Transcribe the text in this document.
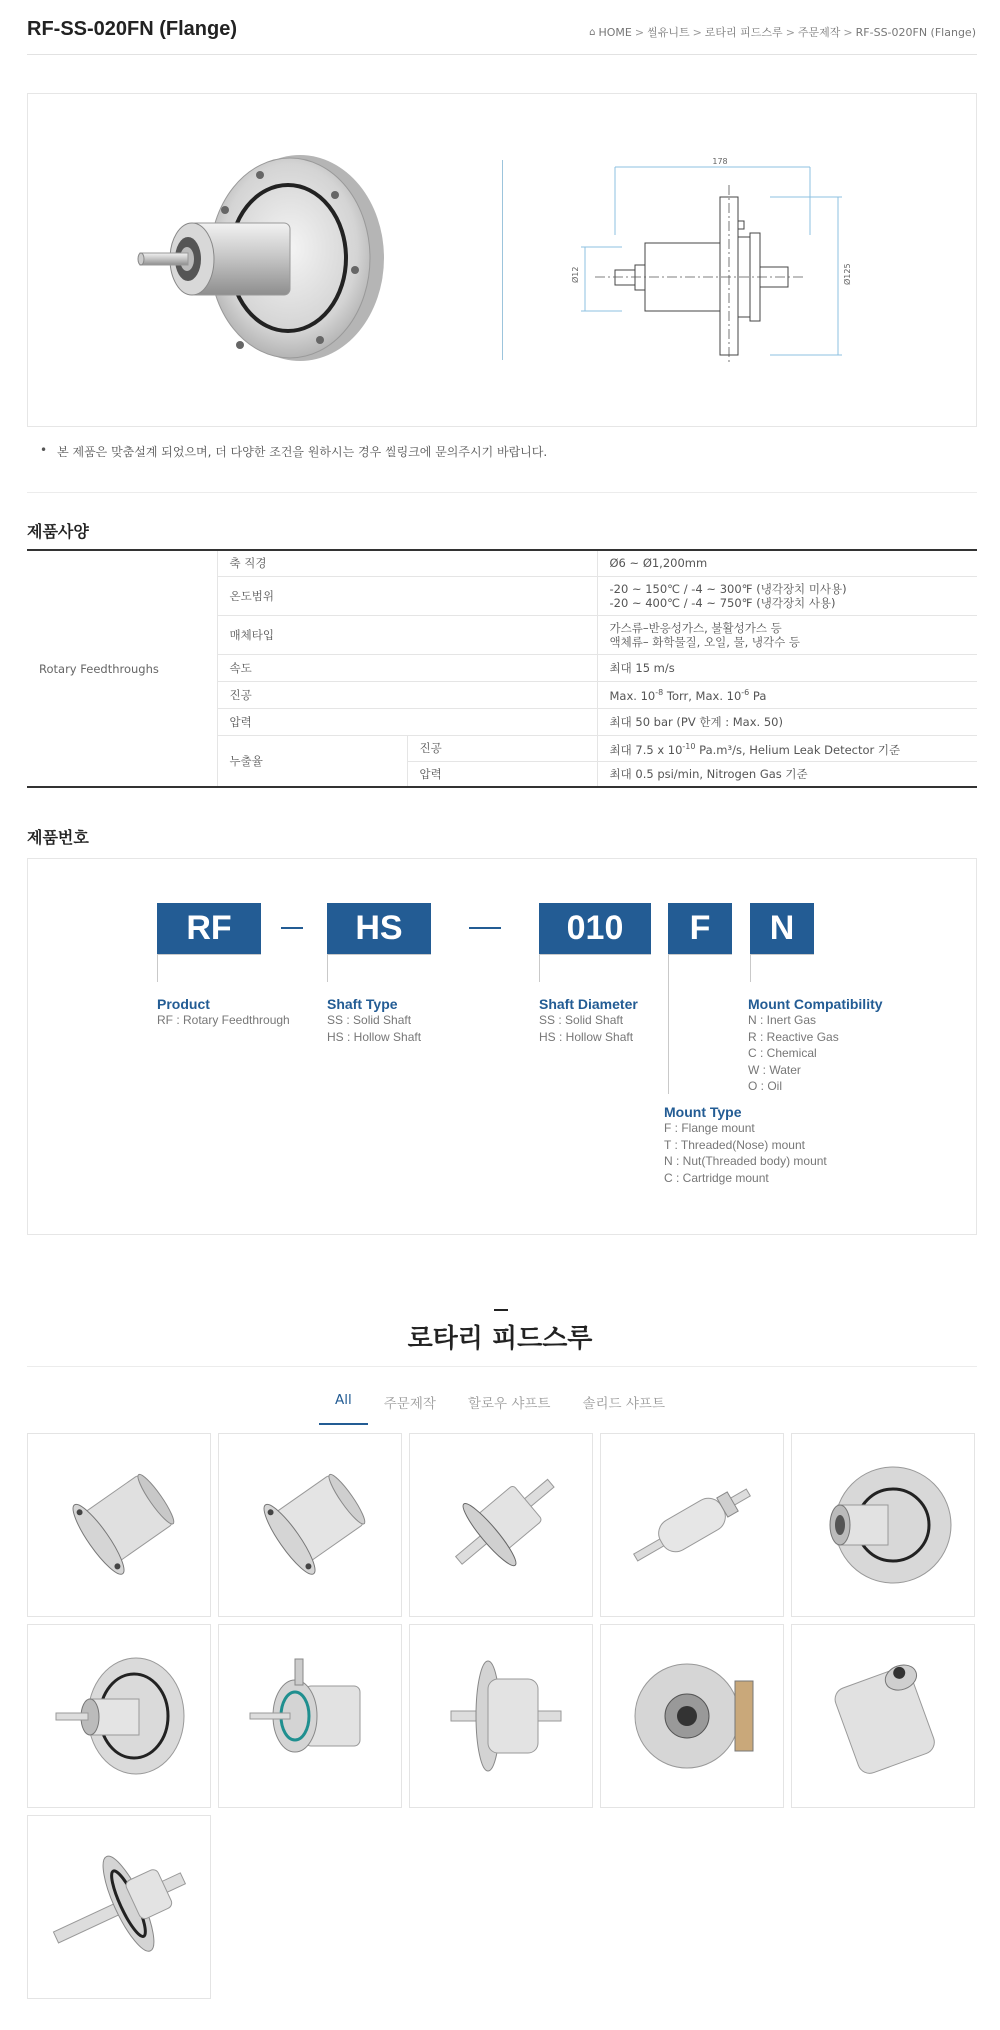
RF-SS-020FN (Flange)	⌂ HOME > 씰유니트 > 로타리 피드스루 > 주문제작 > RF-SS-020FN (Flange)
178
Ø12	Ø125
• 본 제품은 맞춤설계 되었으며, 더 다양한 조건을 원하시는 경우 씰링크에 문의주시기 바랍니다.
제품사양
Rotary Feedthroughs	축 직경		Ø6 ~ Ø1,200mm
	온도범위		-20 ~ 150℃ / -4 ~ 300℉ (냉각장치 미사용)
-20 ~ 400℃ / -4 ~ 750℉ (냉각장치 사용)

	매체타입		가스류–반응성가스, 불활성가스 등
액체류– 화학물질, 오일, 물, 냉각수 등

	속도		최대 15 m/s
	진공		Max. $10^{-8}$ Torr, Max. $10^{-6}$ Pa
	압력		최대 50 bar (PV 한계 : Max. 50)
	누출율	진공	최대 7.5 x $10^{-10}$ Pa.m³/s, Helium Leak Detector 기준
		압력	최대 0.5 psi/min, Nitrogen Gas 기준
제품번호
RF	HS	010	F	N
Product
RF : Rotary Feedthrough
Shaft Type
SS : Solid Shaft
HS : Hollow Shaft
Shaft Diameter
SS : Solid Shaft
HS : Hollow Shaft
Mount Compatibility
N : Inert Gas
R : Reactive Gas
C : Chemical
W : Water
O : Oil
Mount Type
F : Flange mount
T : Threaded(Nose) mount
N : Nut(Threaded body) mount
C : Cartridge mount
로타리 피드스루
All	주문제작	할로우 샤프트	솔리드 샤프트
